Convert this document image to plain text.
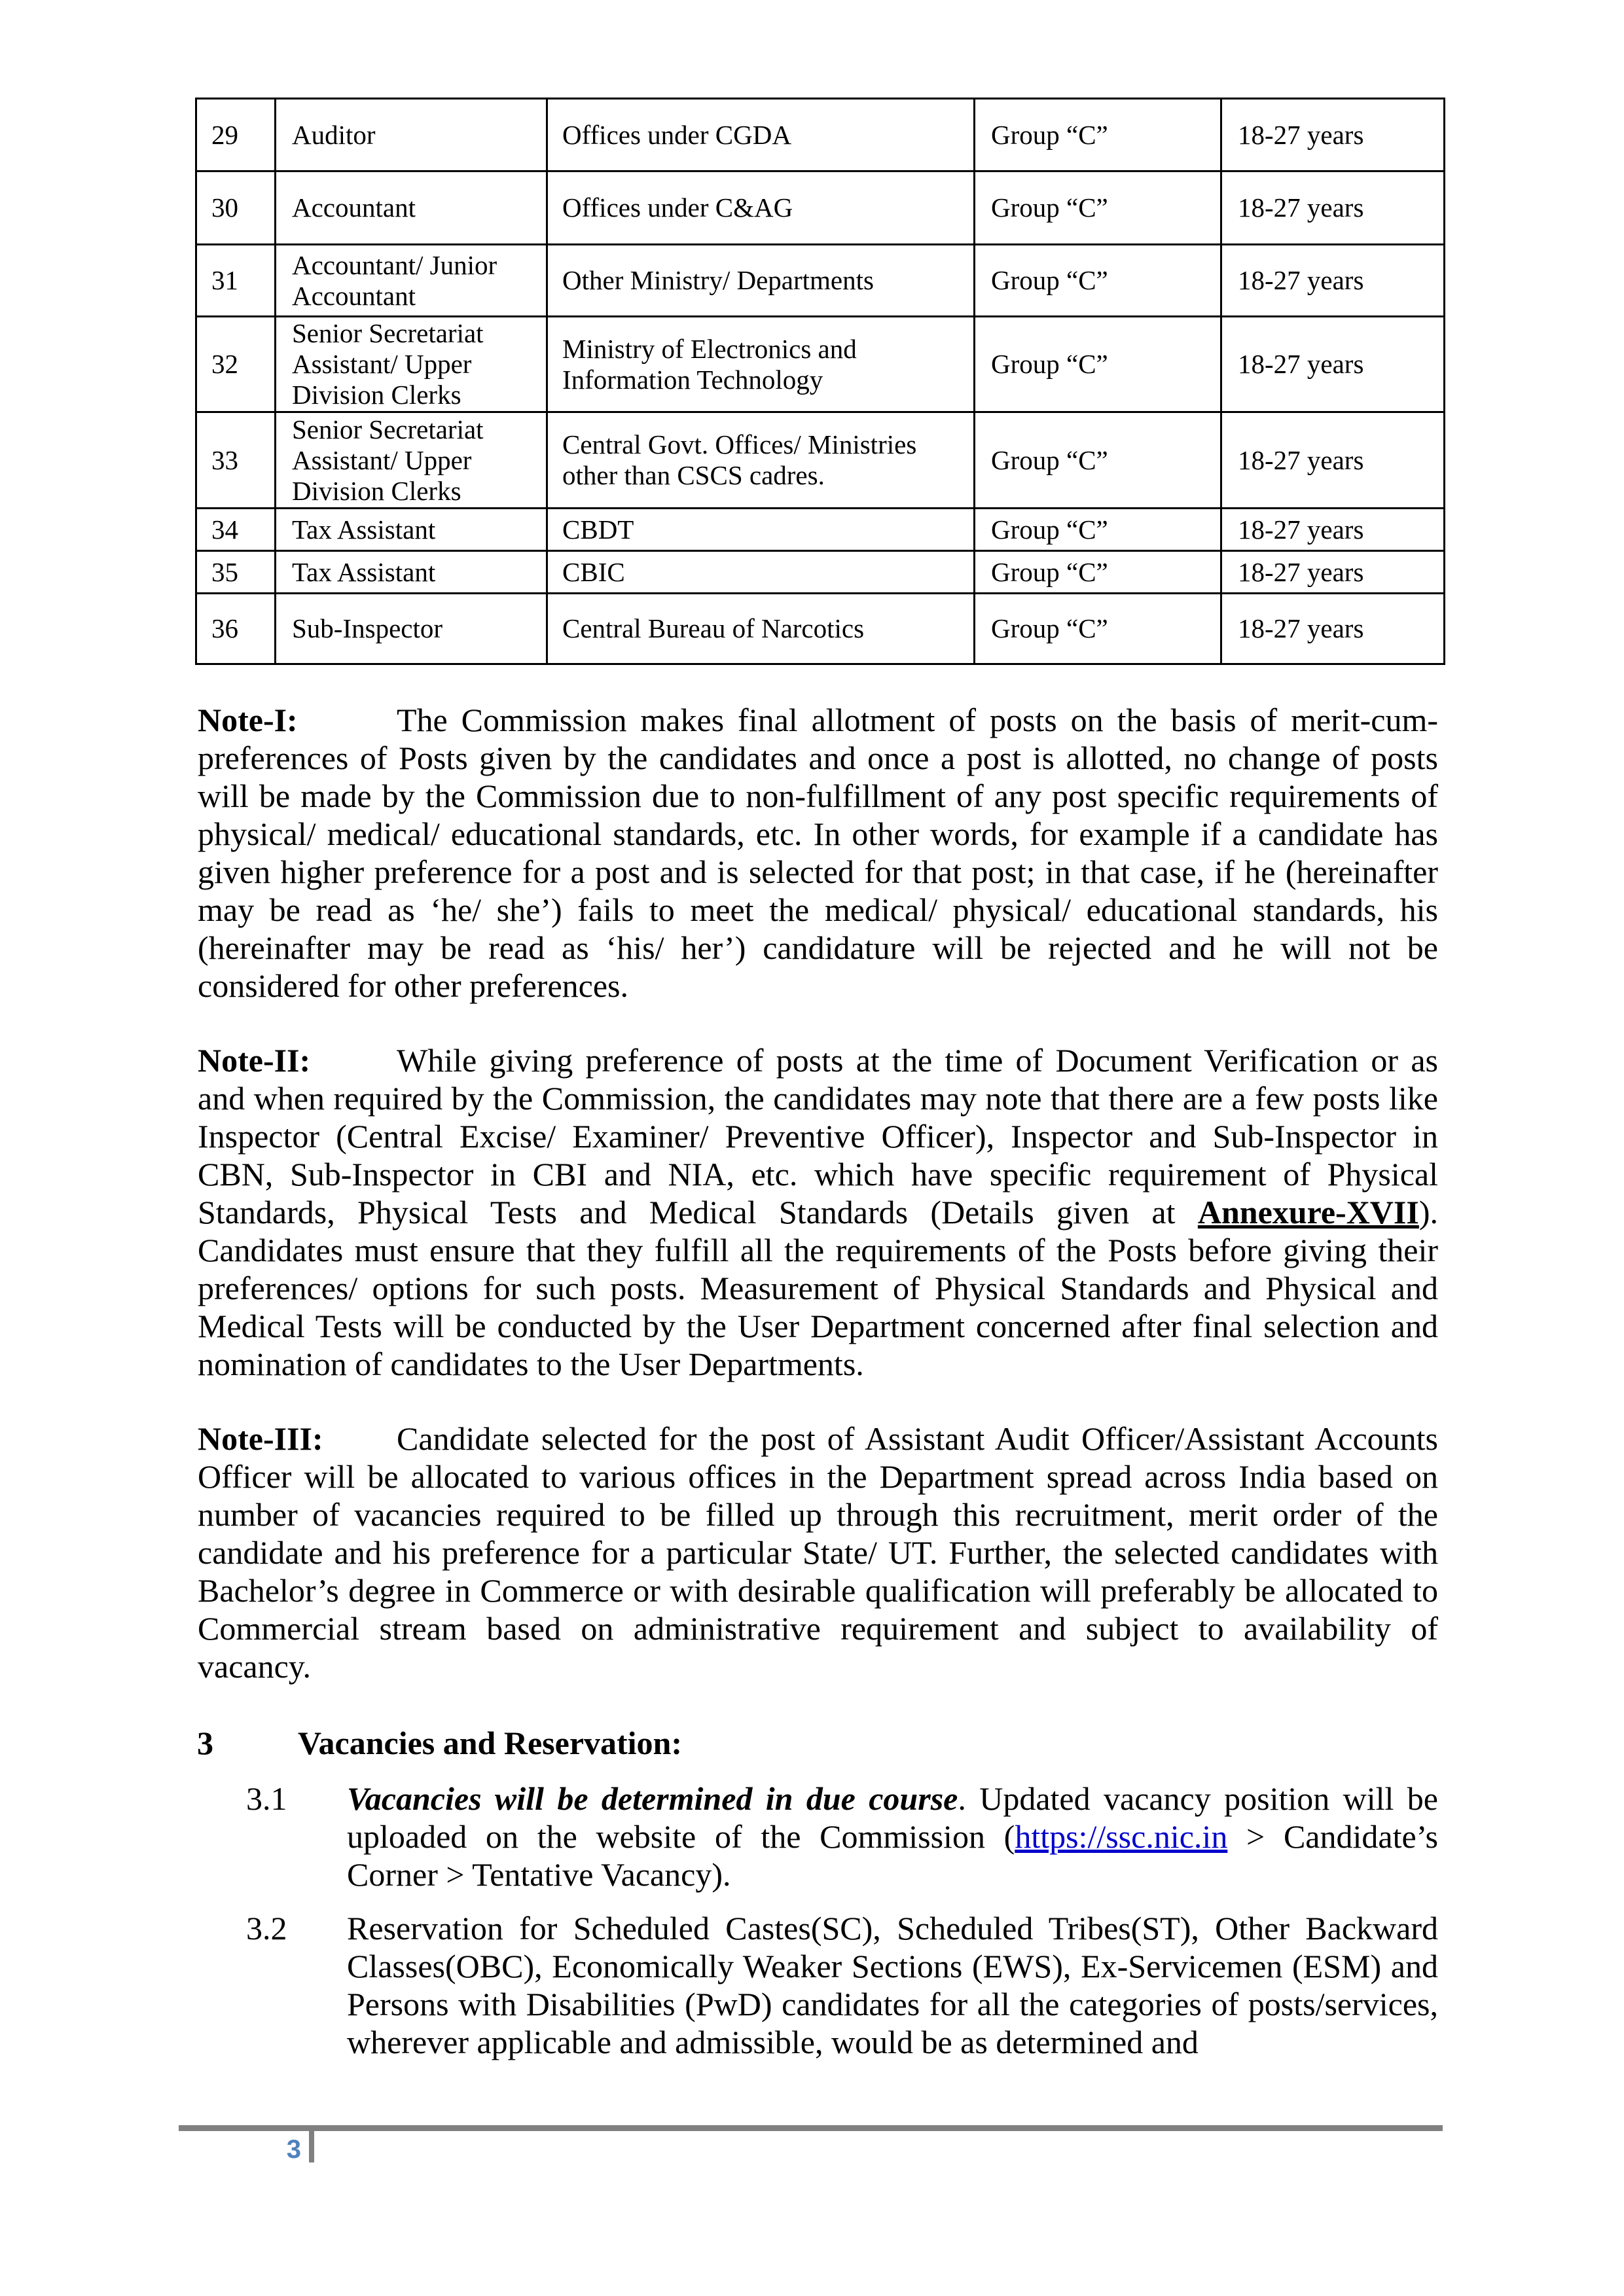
29	Auditor	Offices under CGDA	Group “C”	18-27 years
30	Accountant	Offices under C&AG	Group “C”	18-27 years
31	Accountant/ Junior Accountant	Other Ministry/ Departments	Group “C”	18-27 years
32	Senior Secretariat Assistant/ Upper Division Clerks	Ministry of Electronics and Information Technology	Group “C”	18-27 years
33	Senior Secretariat Assistant/ Upper Division Clerks	Central Govt. Offices/ Ministries other than CSCS cadres.	Group “C”	18-27 years
34	Tax Assistant	CBDT	Group “C”	18-27 years
35	Tax Assistant	CBIC	Group “C”	18-27 years
36	Sub-Inspector	Central Bureau of Narcotics	Group “C”	18-27 years

Note-I:	The Commission makes final allotment of posts on the basis of merit-cum-preferences of Posts given by the candidates and once a post is allotted, no change of posts will be made by the Commission due to non-fulfillment of any post specific requirements of physical/ medical/ educational standards, etc. In other words, for example if a candidate has given higher preference for a post and is selected for that post; in that case, if he (hereinafter may be read as ‘he/ she’) fails to meet the medical/ physical/ educational standards, his (hereinafter may be read as ‘his/ her’) candidature will be rejected and he will not be considered for other preferences.

Note-II:	While giving preference of posts at the time of Document Verification or as and when required by the Commission, the candidates may note that there are a few posts like Inspector (Central Excise/ Examiner/ Preventive Officer), Inspector and Sub-Inspector in CBN, Sub-Inspector in CBI and NIA, etc. which have specific requirement of Physical Standards, Physical Tests and Medical Standards (Details given at Annexure-XVII). Candidates must ensure that they fulfill all the requirements of the Posts before giving their preferences/ options for such posts. Measurement of Physical Standards and Physical and Medical Tests will be conducted by the User Department concerned after final selection and nomination of candidates to the User Departments.

Note-III: Candidate selected for the post of Assistant Audit Officer/Assistant Accounts Officer will be allocated to various offices in the Department spread across India based on number of vacancies required to be filled up through this recruitment, merit order of the candidate and his preference for a particular State/ UT. Further, the selected candidates with Bachelor’s degree in Commerce or with desirable qualification will preferably be allocated to Commercial stream based on administrative requirement and subject to availability of vacancy.

3	Vacancies and Reservation:
3.1 Vacancies will be determined in due course. Updated vacancy position will be uploaded on the website of the Commission (https://ssc.nic.in > Candidate’s Corner > Tentative Vacancy).
3.2 Reservation for Scheduled Castes(SC), Scheduled Tribes(ST), Other Backward Classes(OBC), Economically Weaker Sections (EWS), Ex-Servicemen (ESM) and Persons with Disabilities (PwD) candidates for all the categories of posts/services, wherever applicable and admissible, would be as determined and
3
